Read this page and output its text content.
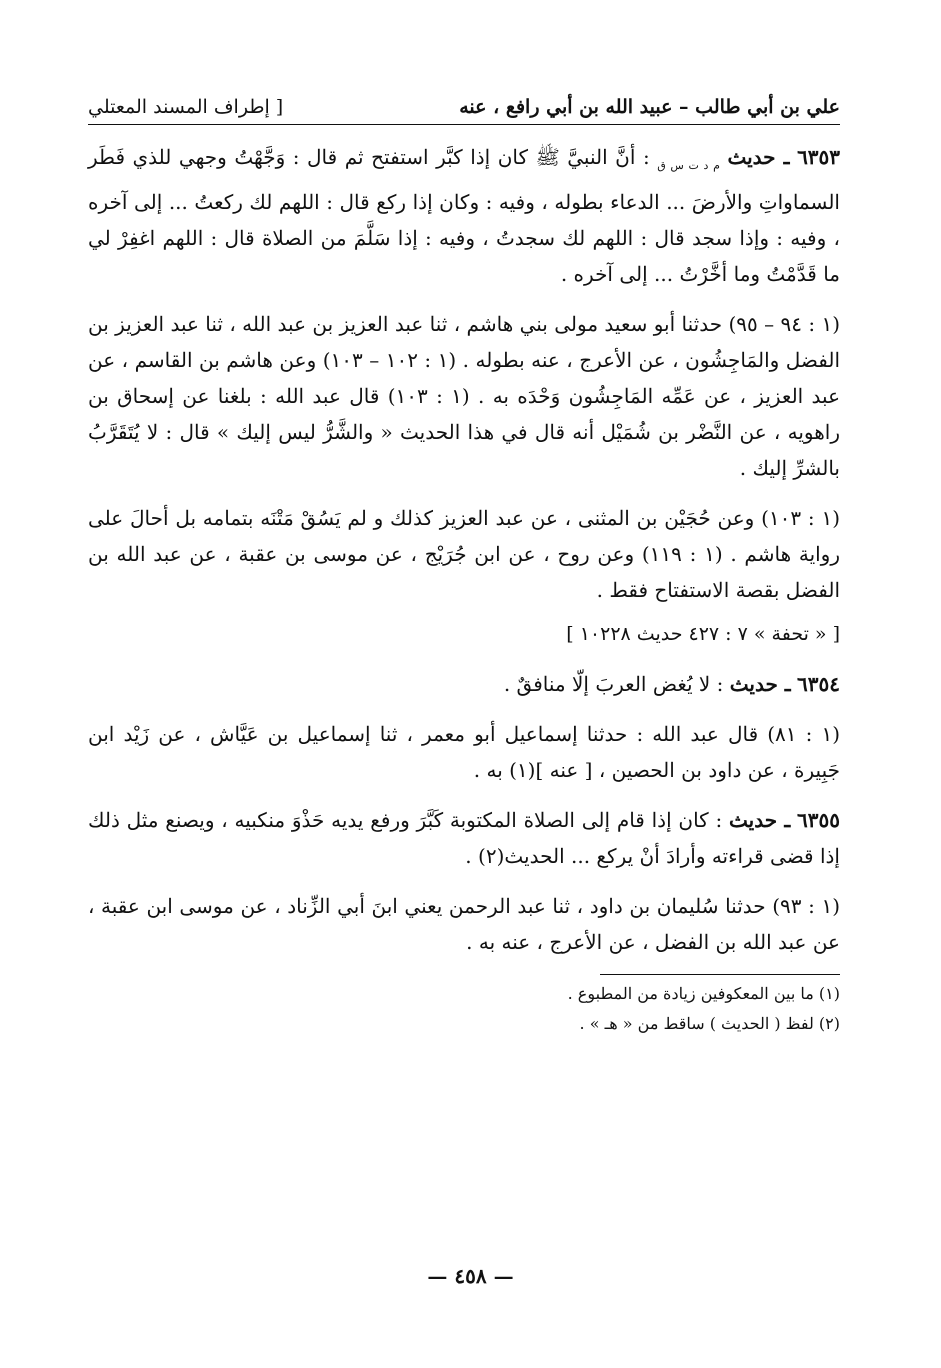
علي بن أبي طالب – عبيد الله بن أبي رافع ، عنه
[ إطراف المسند المعتلي

٦٣٥٣ ـ حديث $_{م د ت س ق}$ : أنَّ النبيَّ ﷺ كان إذا كبَّر استفتح ثم قال : وَجَّهْتُ وجهي للذي فَطَر السماواتِ والأرضَ ... الدعاء بطوله ، وفيه : وكان إذا ركع قال : اللهم لك ركعتُ ... إلى آخره ، وفيه : وإذا سجد قال : اللهم لك سجدتُ ، وفيه : إذا سَلَّمَ من الصلاة قال : اللهم اغفِرْ لي ما قَدَّمْتُ وما أخَّرْتُ ... إلى آخره .

(١ : ٩٤ – ٩٥) حدثنا أبو سعيد مولى بني هاشم ، ثنا عبد العزيز بن عبد الله ، ثنا عبد العزيز بن الفضل والمَاجِشُون ، عن الأعرج ، عنه بطوله . (١ : ١٠٢ – ١٠٣) وعن هاشم بن القاسم ، عن عبد العزيز ، عن عَمِّه المَاجِشُون وَحْدَه به . (١ : ١٠٣) قال عبد الله : بلغنا عن إسحاق بن راهويه ، عن النَّضْر بن شُمَيْل أنه قال في هذا الحديث « والشَّرُّ ليس إليك » قال : لا يُتَقَرَّبُ بالشرِّ إليك .

(١ : ١٠٣) وعن حُجَيْن بن المثنى ، عن عبد العزيز كذلك و لم يَسُقْ مَتْنَه بتمامه بل أحالَ على رواية هاشم . (١ : ١١٩) وعن روح ، عن ابن جُرَيْج ، عن موسى بن عقبة ، عن عبد الله بن الفضل بقصة الاستفتاح فقط .

[ « تحفة » ٧ : ٤٢٧ حديث ١٠٢٢٨ ]

٦٣٥٤ ـ حديث : لا يُغض العربَ إلّا منافقٌ .

(١ : ٨١) قال عبد الله : حدثنا إسماعيل أبو معمر ، ثنا إسماعيل بن عَيَّاش ، عن زَيْد ابن جَبِيرة ، عن داود بن الحصين ، [ عنه ](١) به .

٦٣٥٥ ـ حديث : كان إذا قام إلى الصلاة المكتوبة كَبَّرَ ورفع يديه حَذْوَ منكبيه ، ويصنع مثل ذلك إذا قضى قراءته وأرادَ أنْ يركع ... الحديث(٢) .

(١ : ٩٣) حدثنا سُليمان بن داود ، ثنا عبد الرحمن يعني ابنَ أبي الزِّناد ، عن موسى ابن عقبة ، عن عبد الله بن الفضل ، عن الأعرج ، عنه به .

(١) ما بين المعكوفين زيادة من المطبوع .

(٢) لفظ ( الحديث ) ساقط من « هـ » .

— ٤٥٨ —
